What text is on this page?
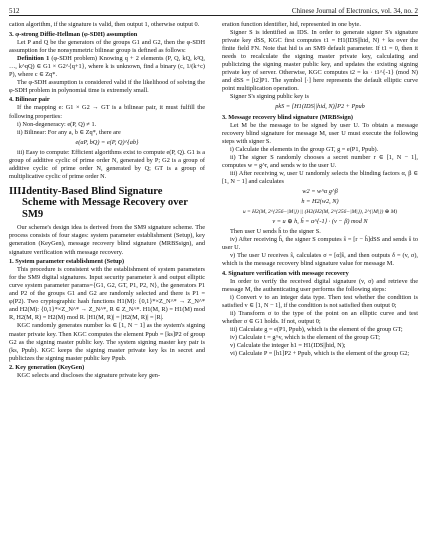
512	Chinese Journal of Electronics, vol. 34, no. 2

cation algorithm, if the signature is valid, then output 1, otherwise output 0.

3. φ-strong Diffie-Hellman (φ-SDH) assumption

Let P and Q be the generators of the groups G1 and G2, then the φ-SDH assumption for the nonsymmetric bilinear group is defined as follows:

Definition 1 (φ-SDH problem) Knowing q + 2 elements (P, Q, kQ, k²Q, …, k^qQ) ∈ G1 × G2^{q+1}, where k is unknown, find a binary (c, 1/(k+c) P), where c ∈ Zq*.

The φ-SDH assumption is considered valid if the likelihood of solving the φ-SDH problem in polynomial time is extremely small.

4. Bilinear pair

If the mapping e: G1 × G2 → GT is a bilinear pair, it must fulfill the following properties:

i) Non-degeneracy: e(P, Q) ≠ 1.

ii) Bilinear: For any a, b ∈ Zq*, there are

e(aP, bQ) = e(P, Q)^{ab}

iii) Easy to compute: Efficient algorithms exist to compute e(P, Q). G1 is a group of additive cyclic of prime order N, generated by P; G2 is a group of additive cyclic of prime order N, generated by Q; GT is a group of multiplicative cyclic of prime order N.

III.Identity-Based Blind Signature
Scheme with Message Recovery over SM9

Our scheme's design idea is derived from the SM9 signature scheme. The process consists of four stages: system parameter establishment (Setup), key generation (KeyGen), message recovery blind signature (MRBSsign), and signature verification with message recovery.

1. System parameter establishment (Setup)

This procedure is consistent with the establishment of system parameters for the SM9 digital signatures. Input security parameter λ and output elliptic curve system parameter params={G1, G2, GT, P1, P2, N}, the generators P1 and P2 of the groups G1 and G2 are randomly selected and there is P1 = φ(P2). Two cryptographic hash functions H1(M): {0,1}*×Z_N^* → Z_N^* and H2(M): {0,1}*×Z_N^* → Z_N^*, R ∈ Z_N^*. H1(M, R) = H1(M) mod R, H2(M, R) = H2(M) mod R. |H1(M, R)| = |H2(M, R)| = |R|.

KGC randomly generates number ks ∈ [1, N − 1] as the system's signing master private key. Then KGC computes the element Ppub = [ks]P2 of group G2 as the signing master public key. The system signing master key pair is (ks, Ppub). KGC keeps the signing master private key ks in secret and publicizes the signing master public key Ppub.

2. Key generation (KeyGen)

KGC selects and discloses the signature private key gen-

eration function identifier, hid, represented in one byte.

Signer S is identified as IDS. In order to generate signer S's signature private key dSS, KGC first computes t1 = H1(IDS||hid, N) + ks over the finite field FN. Note that hid is an SM9 default parameter. If t1 = 0, then it needs to recalculate the signing master private key, calculating and publicizing the signing master public key, and updates the existing signing private key of server. Otherwise, KGC computes t2 = ks · t1^{-1} (mod N) and dSS = [t2]P1. The symbol [·] here represents the default elliptic curve point multiplication operation.

Signer S's signing public key is

pkS = [H1(IDS||hid, N)]P2 + Ppub
3. Message recovery blind signature (MRBSsign)

Let M be the message to be signed by user U. To obtain a message recovery blind signature for message M, user U must execute the following steps with signer S.

i) Calculate the elements in the group GT, g = e(P1, Ppub).

ii) The signer S randomly chooses a secret number r ∈ [1, N − 1], computes w = g^r, and sends w to the user U.

iii) After receiving w, user U randomly selects the blinding factors α, β ∈ [1, N − 1] and calculates

w2 = w^α g^β
h = H2(w2, N)
u = H2(M, 2^{256−|M|}) || (H2(H2(M, 2^{256−|M|}), 2^{|M|}) ⊕ M)
v = u ⊕ h, ĥ = α^{-1} · (v − β) mod N

Then user U sends ĥ to the signer S.

iv) After receiving ĥ, the signer S computes ŝ = [r − ĥ]dSS and sends ŝ to user U.

v) The user U receives ŝ, calculates σ = [α]ŝ, and then outputs δ = (v, σ), which is the message recovery blind signature value for message M.

4. Signature verification with message recovery

In order to verify the received digital signature (v, σ) and retrieve the message M, the authenticating user performs the following steps:

i) Convert v to an integer data type. Then test whether the condition is satisfied v ∈ [1, N − 1], if the condition is not satisfied then output 0;

ii) Transform σ to the type of the point on an elliptic curve and test whether σ ∈ G1 holds. If not, output 0;

iii) Calculate g = e(P1, Ppub), which is the element of the group GT;

iv) Calculate t = g^v, which is the element of the group GT;

v) Calculate the integer h1 = H1(IDS||hid, N);

vi) Calculate P = [h1]P2 + Ppub, which is the element of the group G2;
